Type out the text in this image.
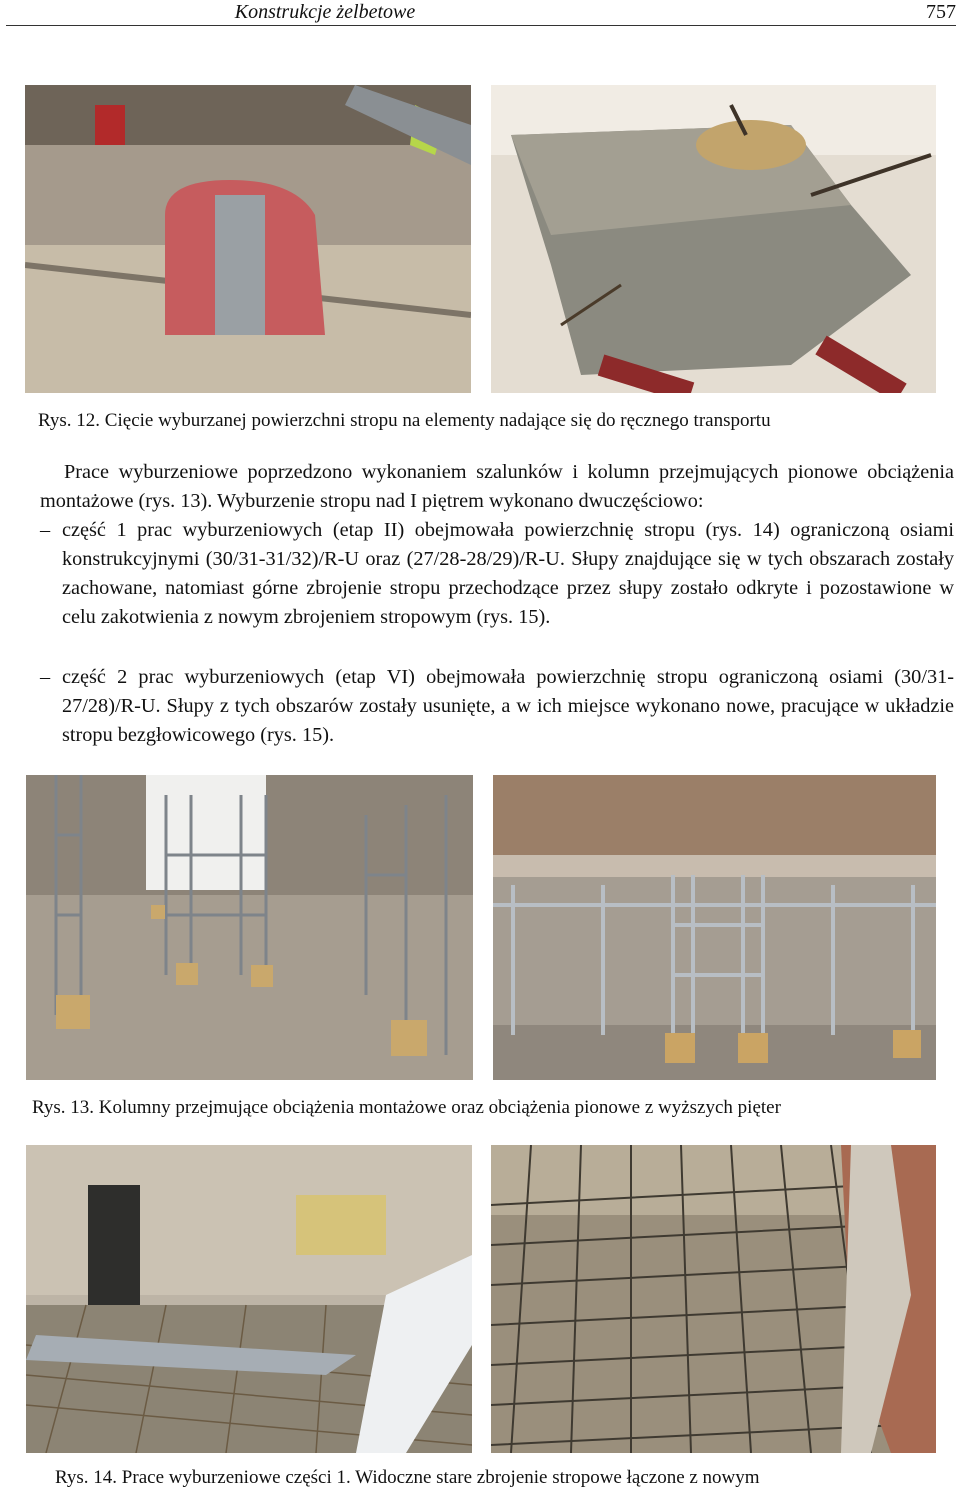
Konstrukcje żelbetowe	757
Rys. 12. Cięcie wyburzanej powierzchni stropu na elementy nadające się do ręcznego transportu
Prace wyburzeniowe poprzedzono wykonaniem szalunków i kolumn przejmujących pionowe obciążenia montażowe (rys. 13). Wyburzenie stropu nad I piętrem wykonano dwuczęściowo:
– część 1 prac wyburzeniowych (etap II) obejmowała powierzchnię stropu (rys. 14) ograniczoną osiami konstrukcyjnymi (30/31-31/32)/R-U oraz (27/28-28/29)/R-U. Słupy znajdujące się w tych obszarach zostały zachowane, natomiast górne zbrojenie stropu przechodzące przez słupy zostało odkryte i pozostawione w celu zakotwienia z nowym zbrojeniem stropowym (rys. 15).
– część 2 prac wyburzeniowych (etap VI) obejmowała powierzchnię stropu ograniczoną osiami (30/31-27/28)/R-U. Słupy z tych obszarów zostały usunięte, a w ich miejsce wykonano nowe, pracujące w układzie stropu bezgłowicowego (rys. 15).
Rys. 13. Kolumny przejmujące obciążenia montażowe oraz obciążenia pionowe z wyższych pięter
Rys. 14. Prace wyburzeniowe części 1. Widoczne stare zbrojenie stropowe łączone z nowym
